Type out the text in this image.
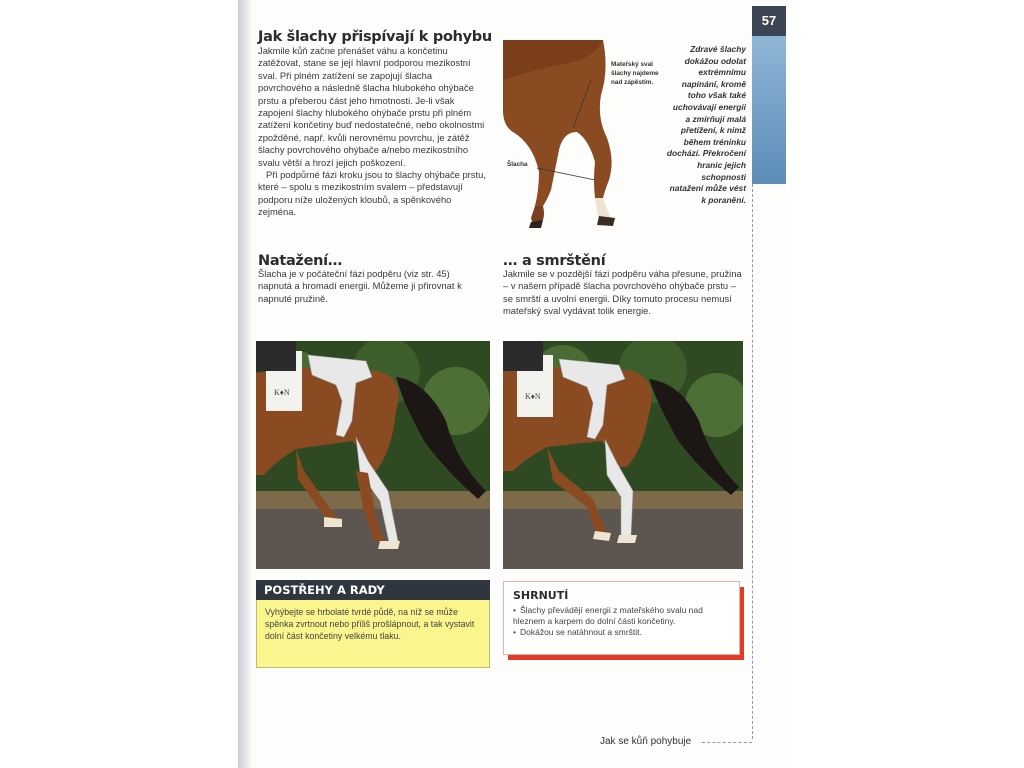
57
Jak šlachy přispívají k pohybu

Jakmile kůň začne přenášet váhu a končetinu zatěžovat, stane se její hlavní podporou mezikostní sval. Při plném zatížení se zapojují šlacha povrchového a následně šlacha hlubokého ohýbače prstu a přeberou část jeho hmotnosti. Je-li však zapojení šlachy hlubokého ohýbače prstu při plném zatížení končetiny buď nedostatečné, nebo okolnostmi zpožděné, např. kvůli nerovnému povrchu, je zátěž šlachy povrchového ohýbače a/nebo mezikostního svalu větší a hrozí jejich poškození.

Při podpůrné fázi kroku jsou to šlachy ohýbače prstu, které – spolu s mezikostním svalem – představují podporu níže uložených kloubů, a spěnkového zejména.

Mateřský sval šlachy najdeme nad zápěstím.
Šlacha
Zdravé šlachy dokážou odolat extrémnímu napínání, kromě toho však také uchovávají energii a zmírňují malá přetížení, k nimž během tréninku dochází. Překročení hranic jejich schopnosti natažení může vést k poranění.
Natažení…
Šlacha je v počáteční fázi podpěru (viz str. 45) napnutá a hromadí energii. Můžeme ji přirovnat k napnuté pružině.
… a smrštění
Jakmile se v pozdější fázi podpěru váha přesune, pružina – v našem případě šlacha povrchového ohýbače prstu – se smrští a uvolní energii. Díky tomuto procesu nemusí mateřský sval vydávat tolik energie.
K♦N	K♦N
POSTŘEHY A RADY
Vyhýbejte se hrbolaté tvrdé půdě, na níž se může spěnka zvrtnout nebo příliš prošlápnout, a tak vystavit dolní část končetiny velkému tlaku.
SHRNUTÍ
• Šlachy převádějí energii z mateřského svalu nad hleznem a karpem do dolní části končetiny.
• Dokážou se natáhnout a smrštit.
Jak se kůň pohybuje
